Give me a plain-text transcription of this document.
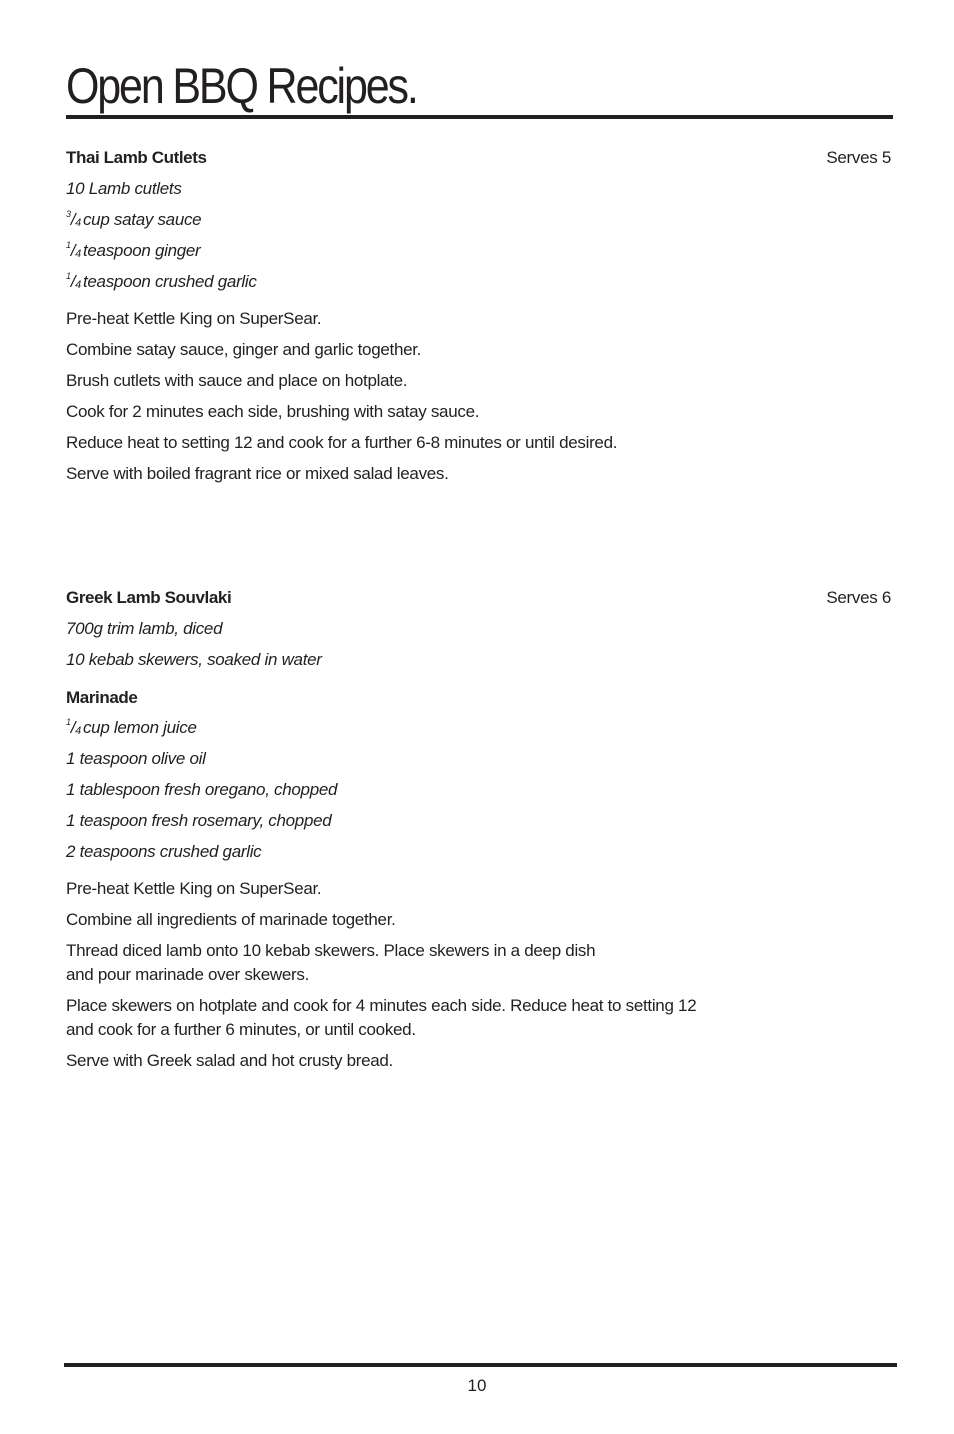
Open BBQ Recipes.
Thai Lamb Cutlets	Serves 5
10 Lamb cutlets
$^3/_4$ cup satay sauce
$^1/_4$ teaspoon ginger
$^1/_4$ teaspoon crushed garlic
Pre-heat Kettle King on SuperSear.
Combine satay sauce, ginger and garlic together.
Brush cutlets with sauce and place on hotplate.
Cook for 2 minutes each side, brushing with satay sauce.
Reduce heat to setting 12 and cook for a further 6-8 minutes or until desired.
Serve with boiled fragrant rice or mixed salad leaves.
Greek Lamb Souvlaki	Serves 6
700g trim lamb, diced
10 kebab skewers, soaked in water
Marinade
$^1/_4$ cup lemon juice
1 teaspoon olive oil
1 tablespoon fresh oregano, chopped
1 teaspoon fresh rosemary, chopped
2 teaspoons crushed garlic
Pre-heat Kettle King on SuperSear.
Combine all ingredients of marinade together.
Thread diced lamb onto 10 kebab skewers. Place skewers in a deep dish
and pour marinade over skewers.
Place skewers on hotplate and cook for 4 minutes each side. Reduce heat to setting 12
and cook for a further 6 minutes, or until cooked.
Serve with Greek salad and hot crusty bread.
10
